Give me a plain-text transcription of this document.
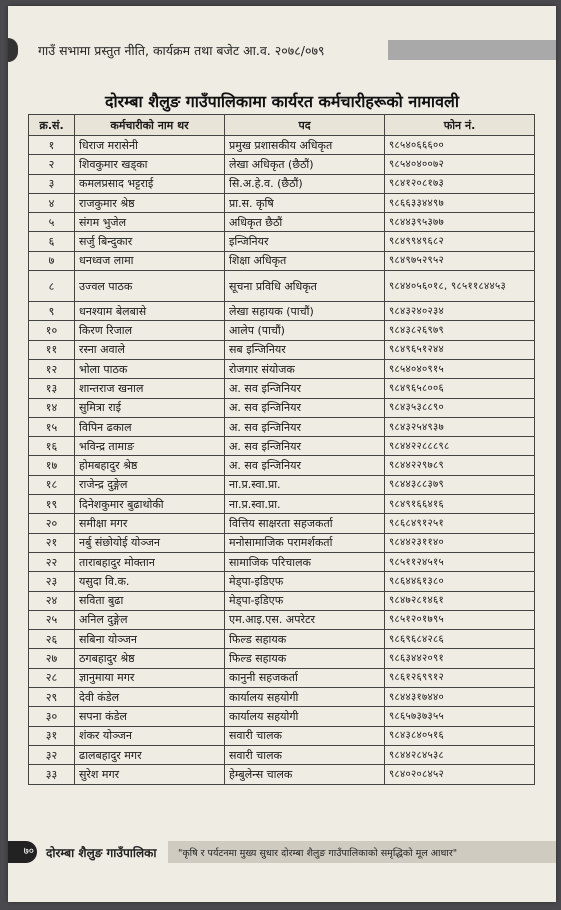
गाउँ सभामा प्रस्तुत नीति, कार्यक्रम तथा बजेट आ.व. २०७८/०७९
दोरम्बा शैलुङ गाउँपालिकामा कार्यरत कर्मचारीहरूको नामावली
क्र.सं.	कर्मचारीको नाम थर	पद	फोन नं.
१	धिराज मरासेनी	प्रमुख प्रशासकीय अधिकृत	९८५४०६६६००
२	शिवकुमार खड्का	लेखा अधिकृत (छैठौं)	९८५४०४००७२
३	कमलप्रसाद भट्टराई	सि.अ.हे.व. (छैठौं)	९८४१२०८१७३
४	राजकुमार श्रेष्ठ	प्रा.स. कृषि	९८६६३३४४९७
५	संगम भुजेल	अधिकृत छैठौं	९८४४३९५३७७
६	सर्जु बिन्दुकार	इन्जिनियर	९८४९९४९६८२
७	धनध्वज लामा	शिक्षा अधिकृत	९८४९७५२९५२
८	उज्वल पाठक	सूचना प्रविधि अधिकृत	९८४४०५६०१८, ९८५११८४४५३
९	धनश्याम बेलबासे	लेखा सहायक (पाचौं)	९८४३२४०२३४
१०	किरण रिजाल	आलेप (पाचौं)	९८४३८२६९७९
११	रस्ना अवाले	सब इन्जिनियर	९८४९६५१२४४
१२	भोला पाठक	रोजगार संयोजक	९८५४०४०९१५
१३	शान्तराज खनाल	अ. सव इन्जिनियर	९८४९६५८००६
१४	सुमित्रा राई	अ. सव इन्जिनियर	९८४३५३८८९०
१५	विपिन ढकाल	अ. सव इन्जिनियर	९८४३२५४९३७
१६	भविन्द्र तामाङ	अ. सव इन्जिनियर	९८४४२२८८८९८
१७	होमबहादुर श्रेष्ठ	अ. सव इन्जिनियर	९८४४२२९७८९
१८	राजेन्द्र दुङ्गेल	ना.प्र.स्वा.प्रा.	९८४४३८८३७९
१९	दिनेशकुमार बुढाथोकी	ना.प्र.स्वा.प्रा.	९८४९१६६४१६
२०	समीक्षा मगर	वित्तिय साक्षरता सहजकर्ता	९८६८४९१२५१
२१	नर्बु संछोयोई योञ्जन	मनोसामाजिक परामर्शकर्ता	९८४४२३११४०
२२	ताराबहादुर मोक्तान	सामाजिक परिचालक	९८५११२४५१५
२३	यसुदा वि.क.	मेड्पा-इडिएफ	९८६४४६१३८०
२४	सविता बुढा	मेड्पा-इडिएफ	९८४७२८१४६१
२५	अनिल दुङ्गेल	एम.आइ.एस. अपरेटर	९८५१२०१७९५
२६	सबिना योञ्जन	फिल्ड सहायक	९८६९६८४२८६
२७	ठगबहादुर श्रेष्ठ	फिल्ड सहायक	९८६३४४२०९१
२८	ज्ञानुमाया मगर	कानुनी सहजकर्ता	९८६१२६९९१२
२९	देवी कंडेल	कार्यालय सहयोगी	९८४४३१७४४०
३०	सपना कंडेल	कार्यालय सहयोगी	९८६५७३७३५५
३१	शंकर योञ्जन	सवारी चालक	९८४३८४०५१६
३२	ढालबहादुर मगर	सवारी चालक	९८४४२८४५३८
३३	सुरेश मगर	हेम्बुलेन्स चालक	९८४०२०८४५२
७० दोरम्बा शैलुङ गाउँपालिका "कृषि र पर्यटनमा मुख्य सुधार दोरम्बा शैलुङ गाउँपालिकाको समृद्धिको मूल आधार"
